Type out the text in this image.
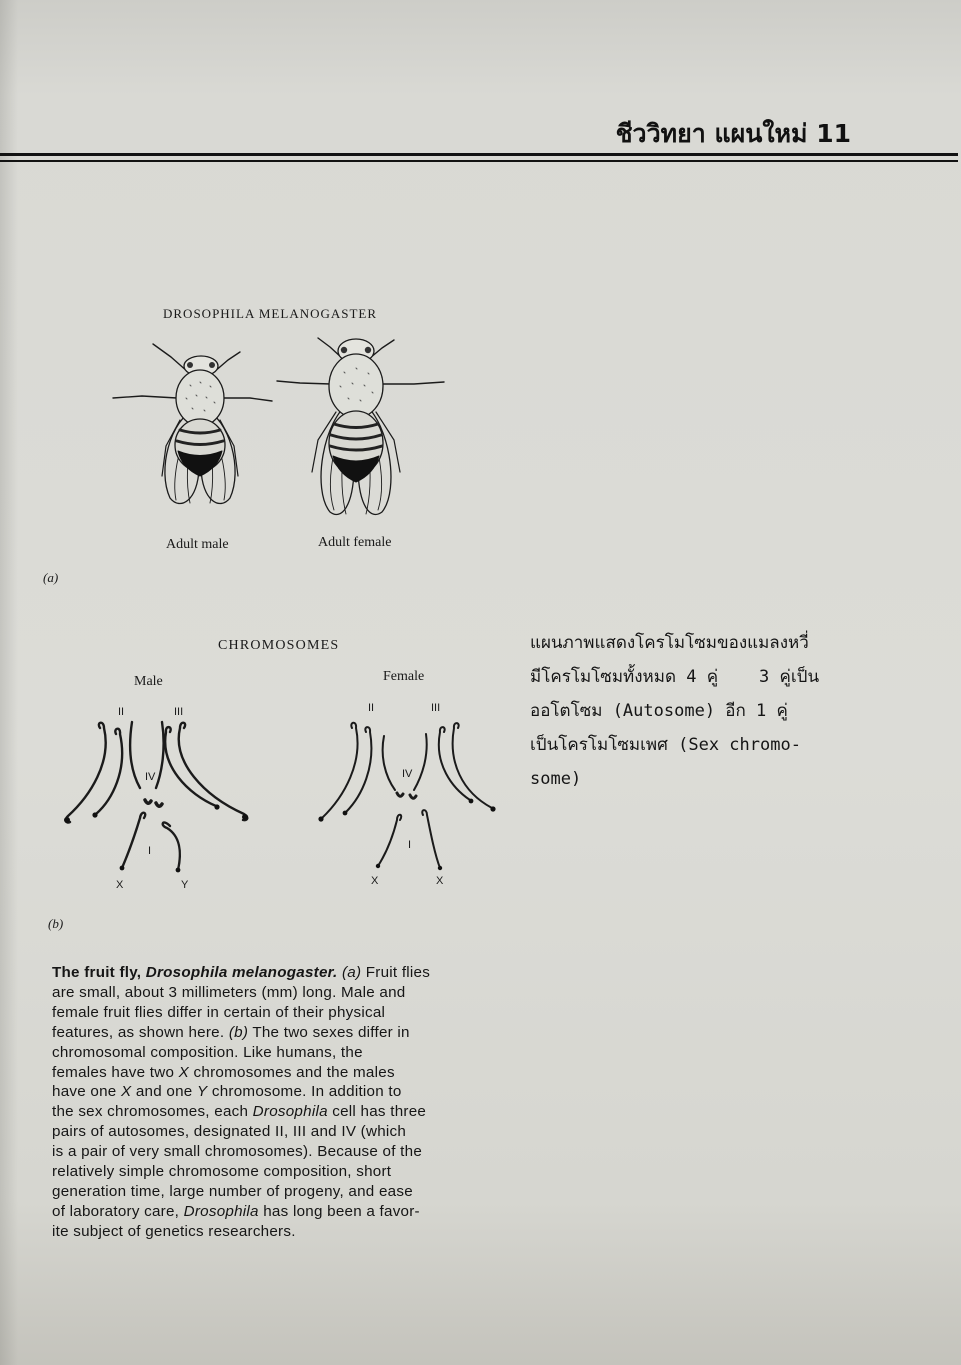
ชีววิทยา แผนใหม่ 11
DROSOPHILA MELANOGASTER
Adult male	Adult female
(a)
CHROMOSOMES
Male	Female
II	III
IV
I
X	Y
II	III
IV
I
X	X
(b)
แผนภาพแสดงโครโมโซมของแมลงหวี่
มีโครโมโซมทั้งหมด 4 คู่    3 คู่เป็น
ออโตโซม (Autosome) อีก 1 คู่
เป็นโครโมโซมเพศ (Sex chromo-
some)
The fruit fly, Drosophila melanogaster. (a) Fruit flies
are small, about 3 millimeters (mm) long. Male and
female fruit flies differ in certain of their physical
features, as shown here. (b) The two sexes differ in
chromosomal composition. Like humans, the
females have two X chromosomes and the males
have one X and one Y chromosome. In addition to
the sex chromosomes, each Drosophila cell has three
pairs of autosomes, designated II, III and IV (which
is a pair of very small chromosomes). Because of the
relatively simple chromosome composition, short
generation time, large number of progeny, and ease
of laboratory care, Drosophila has long been a favor-
ite subject of genetics researchers.
